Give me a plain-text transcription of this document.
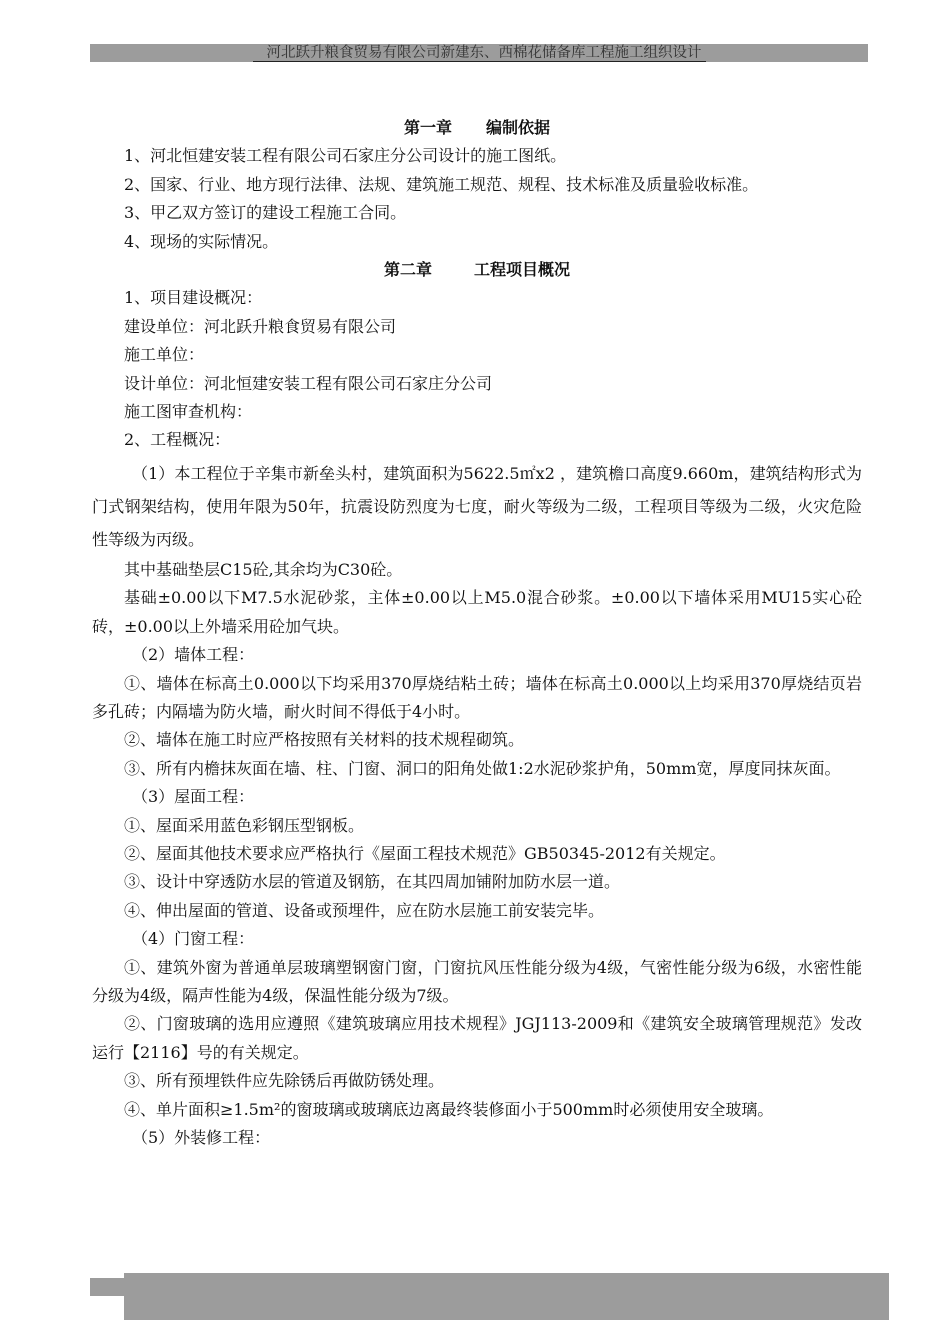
河北跃升粮食贸易有限公司新建东、西棉花储备库工程施工组织设计

第一章 编制依据

1、河北恒建安装工程有限公司石家庄分公司设计的施工图纸。

2、国家、行业、地方现行法律、法规、建筑施工规范、规程、技术标准及质量验收标准。

3、甲乙双方签订的建设工程施工合同。

4、现场的实际情况。

第二章	工程项目概况

1、项目建设概况：

建设单位：河北跃升粮食贸易有限公司

施工单位：

设计单位：河北恒建安装工程有限公司石家庄分公司

施工图审查机构：

2、工程概况：

（1）本工程位于辛集市新垒头村，建筑面积为5622.5㎡x2 ，建筑檐口高度9.660m，建筑结构形式为门式钢架结构，使用年限为50年，抗震设防烈度为七度，耐火等级为二级，工程项目等级为二级，火灾危险性等级为丙级。

其中基础垫层C15砼,其余均为C30砼。

基础±0.00以下M7.5水泥砂浆，主体±0.00以上M5.0混合砂浆。±0.00以下墙体采用MU15实心砼砖，±0.00以上外墙采用砼加气块。

（2）墙体工程：

①、墙体在标高土0.000以下均采用370厚烧结粘土砖；墙体在标高土0.000以上均采用370厚烧结页岩多孔砖；内隔墙为防火墙，耐火时间不得低于4小时。

②、墙体在施工时应严格按照有关材料的技术规程砌筑。

③、所有内檐抹灰面在墙、柱、门窗、洞口的阳角处做1:2水泥砂浆护角，50mm宽，厚度同抹灰面。

（3）屋面工程：

①、屋面采用蓝色彩钢压型钢板。

②、屋面其他技术要求应严格执行《屋面工程技术规范》GB50345-2012有关规定。

③、设计中穿透防水层的管道及钢筋，在其四周加铺附加防水层一道。

④、伸出屋面的管道、设备或预埋件，应在防水层施工前安装完毕。

（4）门窗工程：

①、建筑外窗为普通单层玻璃塑钢窗门窗，门窗抗风压性能分级为4级，气密性能分级为6级，水密性能分级为4级，隔声性能为4级，保温性能分级为7级。

②、门窗玻璃的选用应遵照《建筑玻璃应用技术规程》JGJ113-2009和《建筑安全玻璃管理规范》发改运行【2116】号的有关规定。

③、所有预埋铁件应先除锈后再做防锈处理。

④、单片面积≥1.5m²的窗玻璃或玻璃底边离最终装修面小于500mm时必须使用安全玻璃。

（5）外装修工程：
